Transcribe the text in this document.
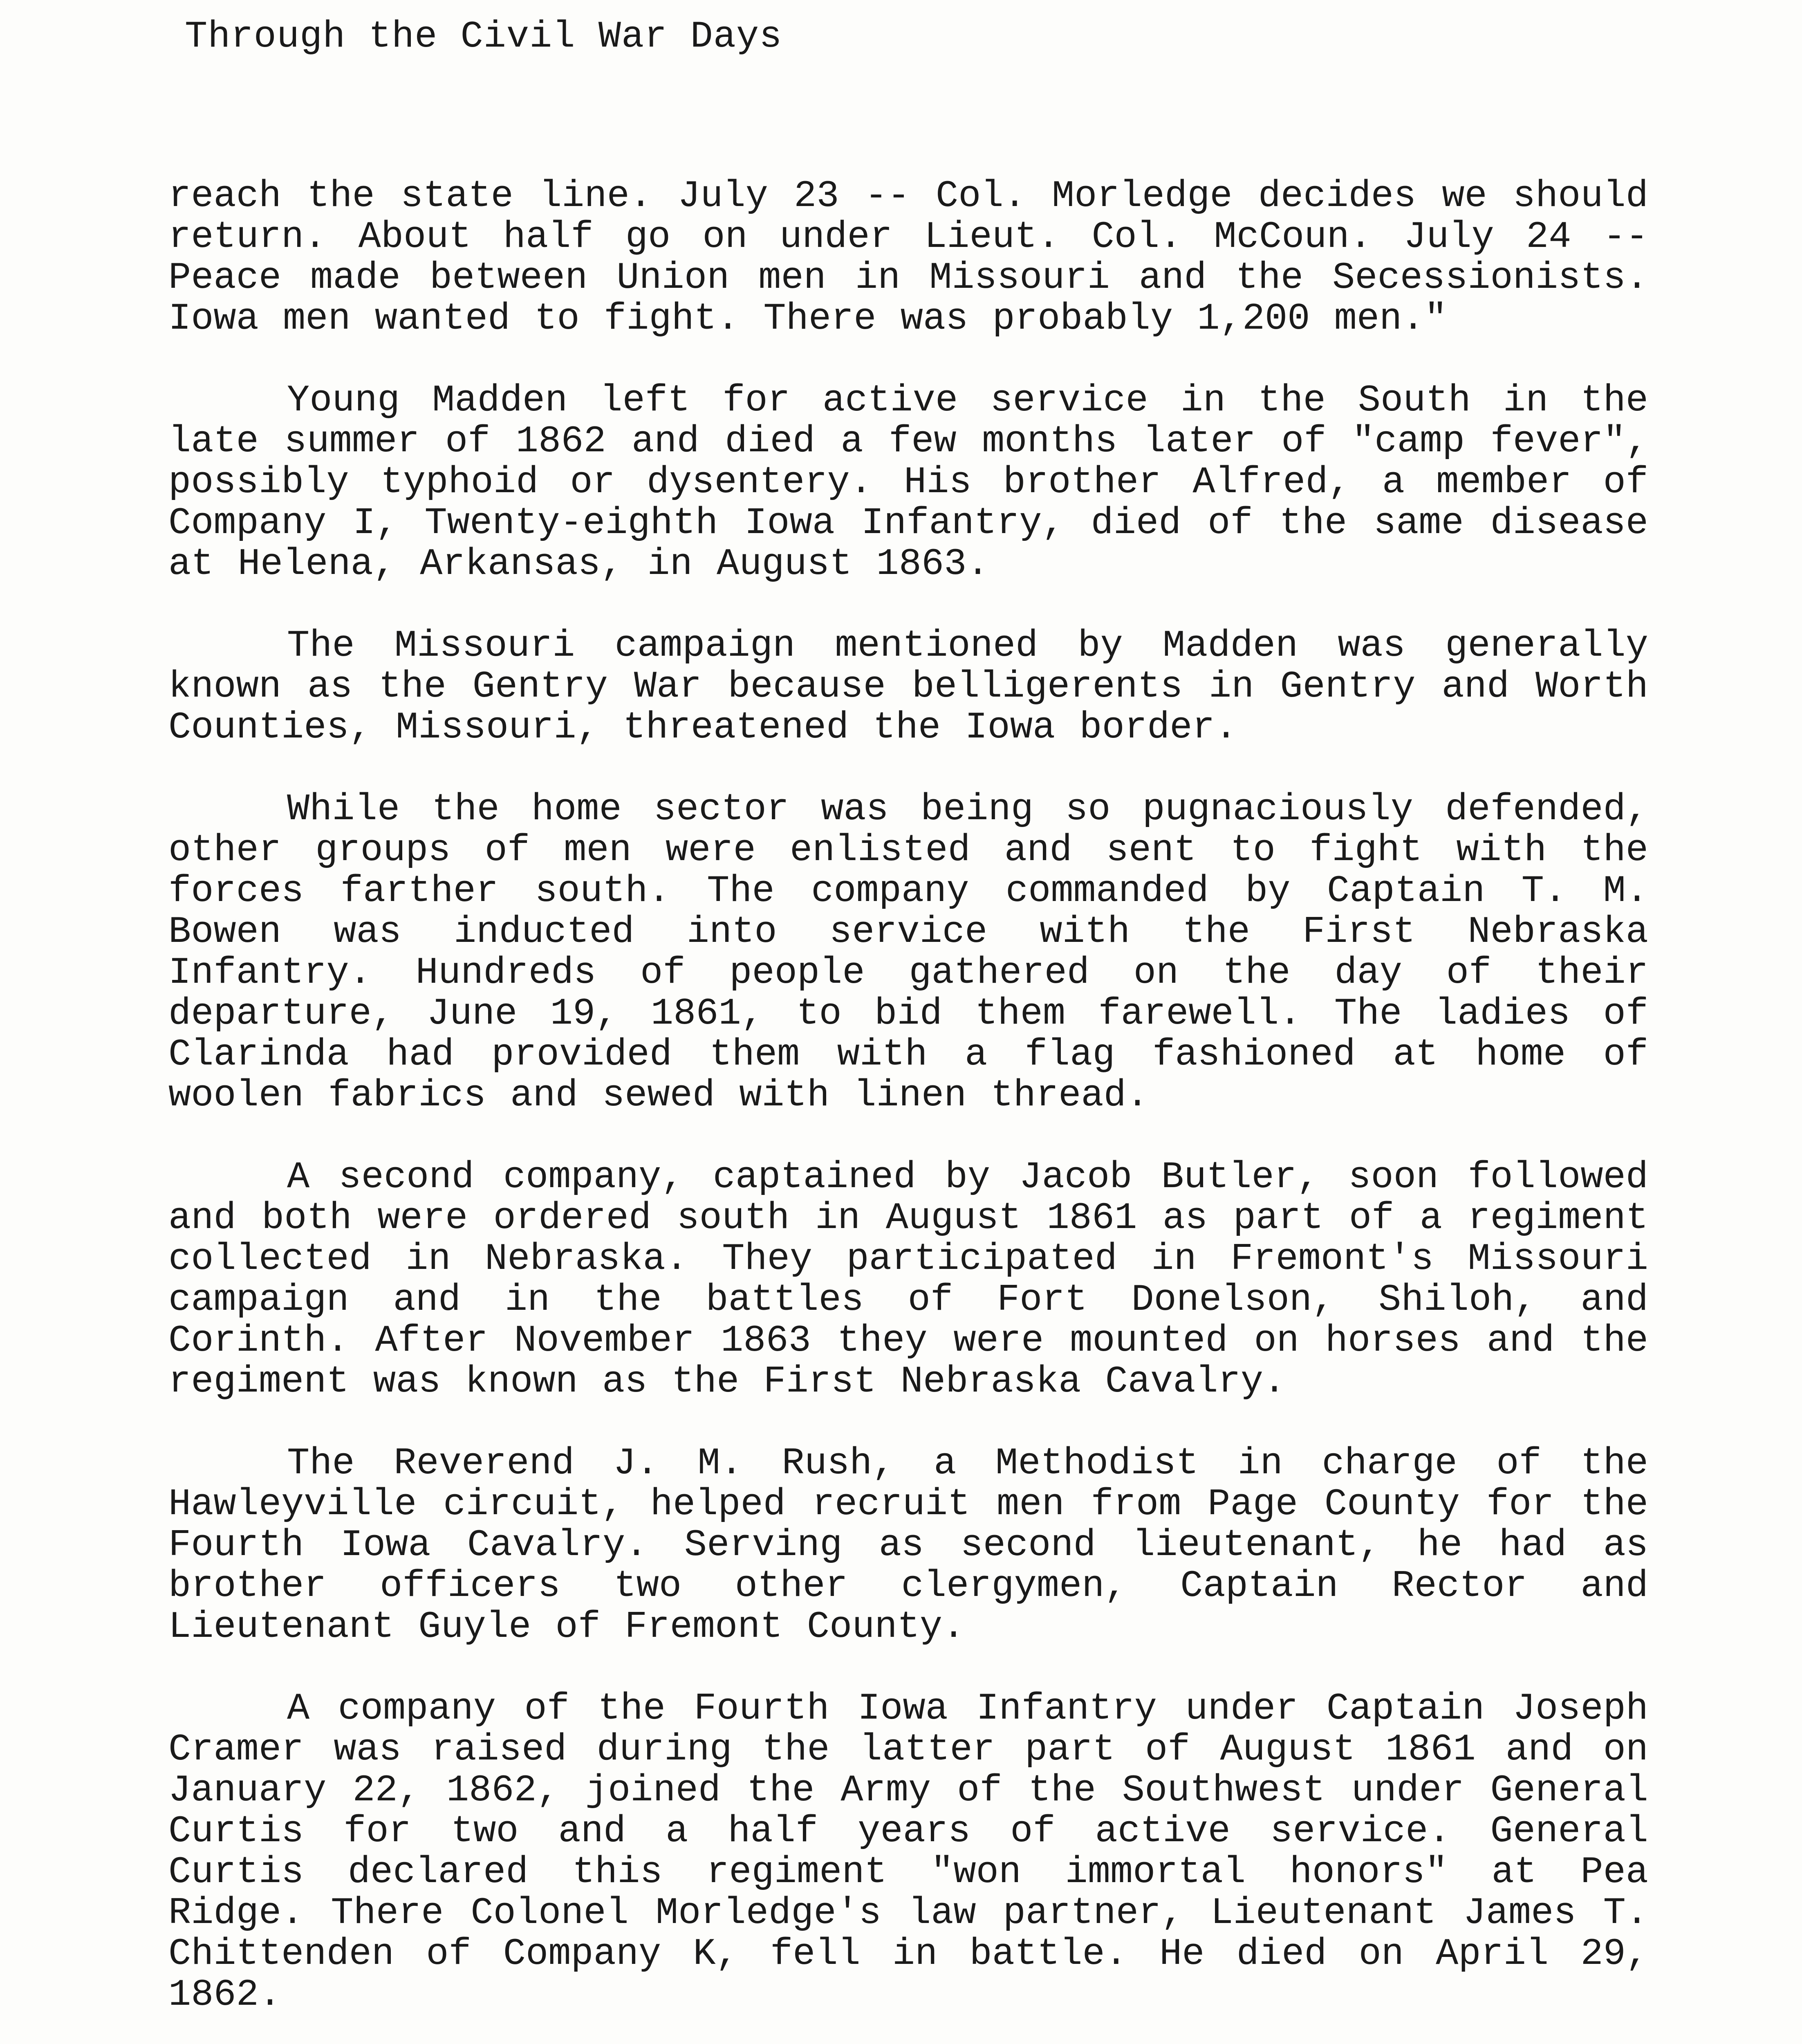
Through the Civil War Days

reach the state line. July 23 -- Col. Morledge decides we should return. About half go on under Lieut. Col. McCoun. July 24 -- Peace made between Union men in Missouri and the Secessionists. Iowa men wanted to fight. There was probably 1,200 men."

Young Madden left for active service in the South in the late summer of 1862 and died a few months later of "camp fever", possibly typhoid or dysentery. His brother Alfred, a member of Company I, Twenty-eighth Iowa Infantry, died of the same disease at Helena, Arkansas, in August 1863.

The Missouri campaign mentioned by Madden was generally known as the Gentry War because belligerents in Gentry and Worth Counties, Missouri, threatened the Iowa border.

While the home sector was being so pugnaciously defended, other groups of men were enlisted and sent to fight with the forces farther south. The company commanded by Captain T. M. Bowen was inducted into service with the First Nebraska Infantry. Hundreds of people gathered on the day of their departure, June 19, 1861, to bid them farewell. The ladies of Clarinda had provided them with a flag fashioned at home of woolen fabrics and sewed with linen thread.

A second company, captained by Jacob Butler, soon followed and both were ordered south in August 1861 as part of a regiment collected in Nebraska. They participated in Fremont's Missouri campaign and in the battles of Fort Donelson, Shiloh, and Corinth. After November 1863 they were mounted on horses and the regiment was known as the First Nebraska Cavalry.

The Reverend J. M. Rush, a Methodist in charge of the Hawleyville circuit, helped recruit men from Page County for the Fourth Iowa Cavalry. Serving as second lieutenant, he had as brother officers two other clergymen, Captain Rector and Lieutenant Guyle of Fremont County.

A company of the Fourth Iowa Infantry under Captain Joseph Cramer was raised during the latter part of August 1861 and on January 22, 1862, joined the Army of the Southwest under General Curtis for two and a half years of active service. General Curtis declared this regiment "won immortal honors" at Pea Ridge. There Colonel Morledge's law partner, Lieutenant James T. Chittenden of Company K, fell in battle. He died on April 29, 1862.
